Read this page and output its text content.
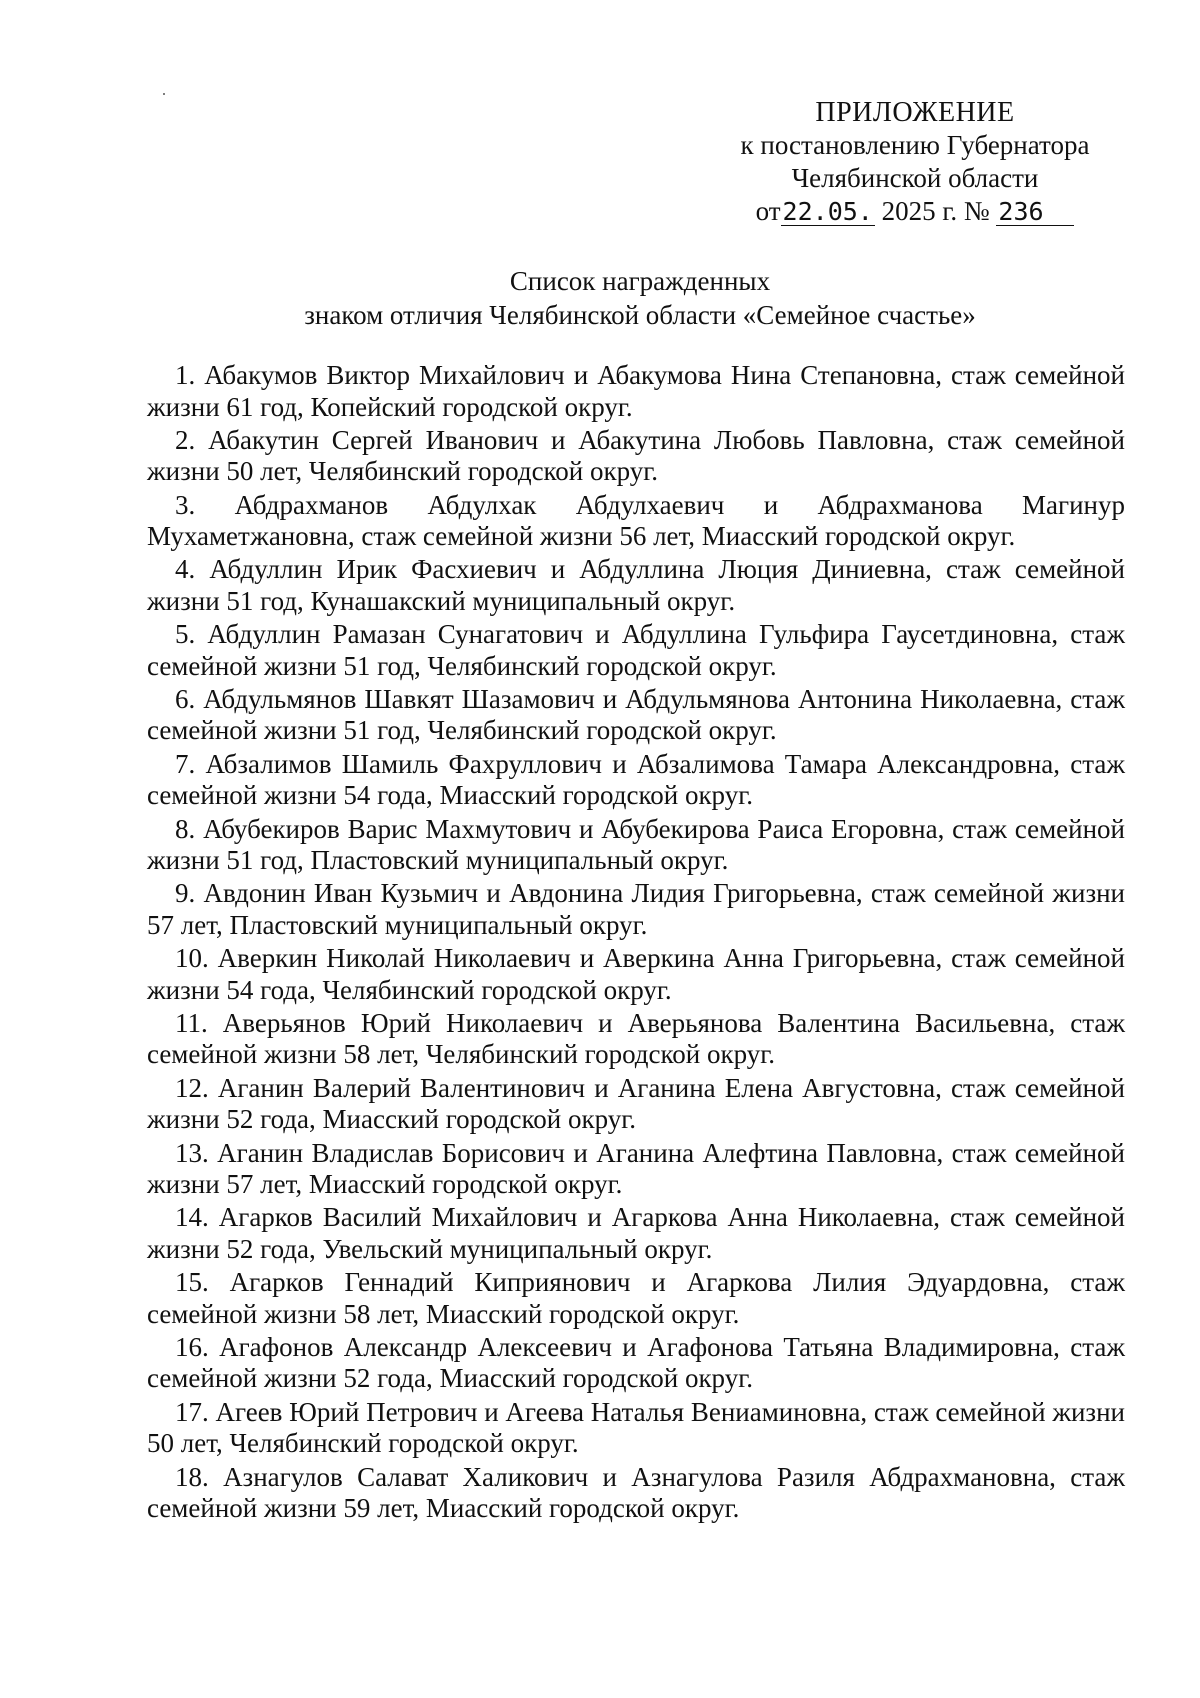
ПРИЛОЖЕНИЕ
к постановлению Губернатора
Челябинской области
от22.05. 2025 г. № 236
Список награжденных
знаком отличия Челябинской области «Семейное счастье»
1. Абакумов Виктор Михайлович и Абакумова Нина Степановна, стаж семейной жизни 61 год, Копейский городской округ.
2. Абакутин Сергей Иванович и Абакутина Любовь Павловна, стаж семейной жизни 50 лет, Челябинский городской округ.
3. Абдрахманов Абдулхак Абдулхаевич и Абдрахманова Магинур Мухаметжановна, стаж семейной жизни 56 лет, Миасский городской округ.
4. Абдуллин Ирик Фасхиевич и Абдуллина Люция Диниевна, стаж семейной жизни 51 год, Кунашакский муниципальный округ.
5. Абдуллин Рамазан Сунагатович и Абдуллина Гульфира Гаусетдиновна, стаж семейной жизни 51 год, Челябинский городской округ.
6. Абдульмянов Шавкят Шазамович и Абдульмянова Антонина Николаевна, стаж семейной жизни 51 год, Челябинский городской округ.
7. Абзалимов Шамиль Фахруллович и Абзалимова Тамара Александровна, стаж семейной жизни 54 года, Миасский городской округ.
8. Абубекиров Варис Махмутович и Абубекирова Раиса Егоровна, стаж семейной жизни 51 год, Пластовский муниципальный округ.
9. Авдонин Иван Кузьмич и Авдонина Лидия Григорьевна, стаж семейной жизни 57 лет, Пластовский муниципальный округ.
10. Аверкин Николай Николаевич и Аверкина Анна Григорьевна, стаж семейной жизни 54 года, Челябинский городской округ.
11. Аверьянов Юрий Николаевич и Аверьянова Валентина Васильевна, стаж семейной жизни 58 лет, Челябинский городской округ.
12. Аганин Валерий Валентинович и Аганина Елена Августовна, стаж семейной жизни 52 года, Миасский городской округ.
13. Аганин Владислав Борисович и Аганина Алефтина Павловна, стаж семейной жизни 57 лет, Миасский городской округ.
14. Агарков Василий Михайлович и Агаркова Анна Николаевна, стаж семейной жизни 52 года, Увельский муниципальный округ.
15. Агарков Геннадий Киприянович и Агаркова Лилия Эдуардовна, стаж семейной жизни 58 лет, Миасский городской округ.
16. Агафонов Александр Алексеевич и Агафонова Татьяна Владимировна, стаж семейной жизни 52 года, Миасский городской округ.
17. Агеев Юрий Петрович и Агеева Наталья Вениаминовна, стаж семейной жизни 50 лет, Челябинский городской округ.
18. Азнагулов Салават Халикович и Азнагулова Разиля Абдрахмановна, стаж семейной жизни 59 лет, Миасский городской округ.
